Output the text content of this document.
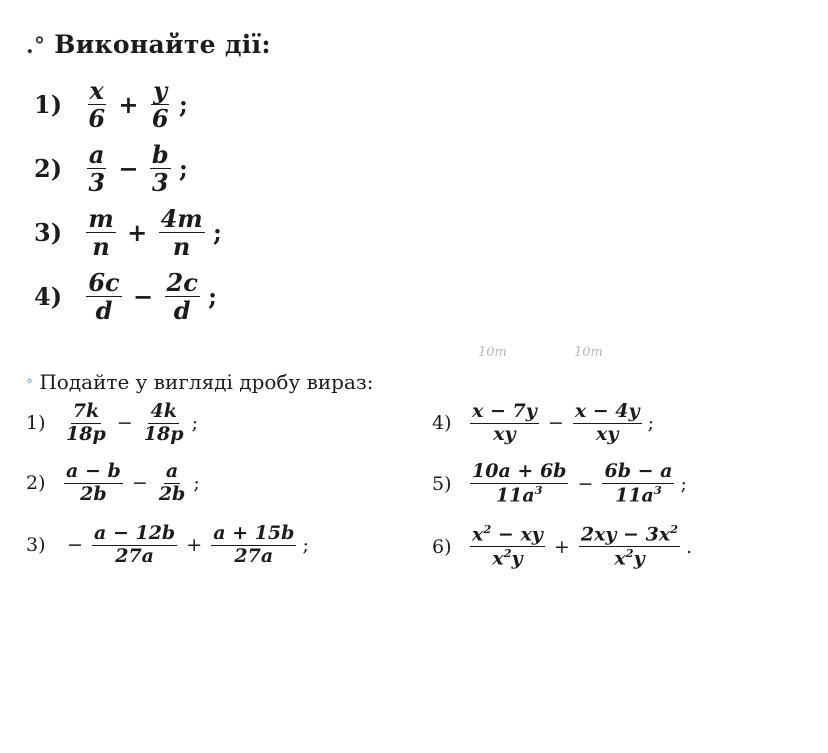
.° Виконайте дії:
$1) \frac{x}{6} + \frac{y}{6}$ ;
$2) \frac{a}{3} - \frac{b}{3}$ ;
$3) \frac{m}{n} + \frac{4m}{n}$ ;
$4) \frac{6c}{d} - \frac{2c}{d}$ ;
10m	10m
° Подайте у вигляді дробу вираз:
$1) \frac{7k}{18p} - \frac{4k}{18p}$ ;
$2) \frac{a - b}{2b} - \frac{a}{2b}$ ;
$3) - \frac{a - 12b}{27a} + \frac{a + 15b}{27a}$ ;
$4) \frac{x - 7y}{xy} - \frac{x - 4y}{xy}$ ;
$5) \frac{10a + 6b}{11a^3} - \frac{6b - a}{11a^3}$ ;
$6) \frac{x^2 - xy}{x^2y} + \frac{2xy - 3x^2}{x^2y}$ .
